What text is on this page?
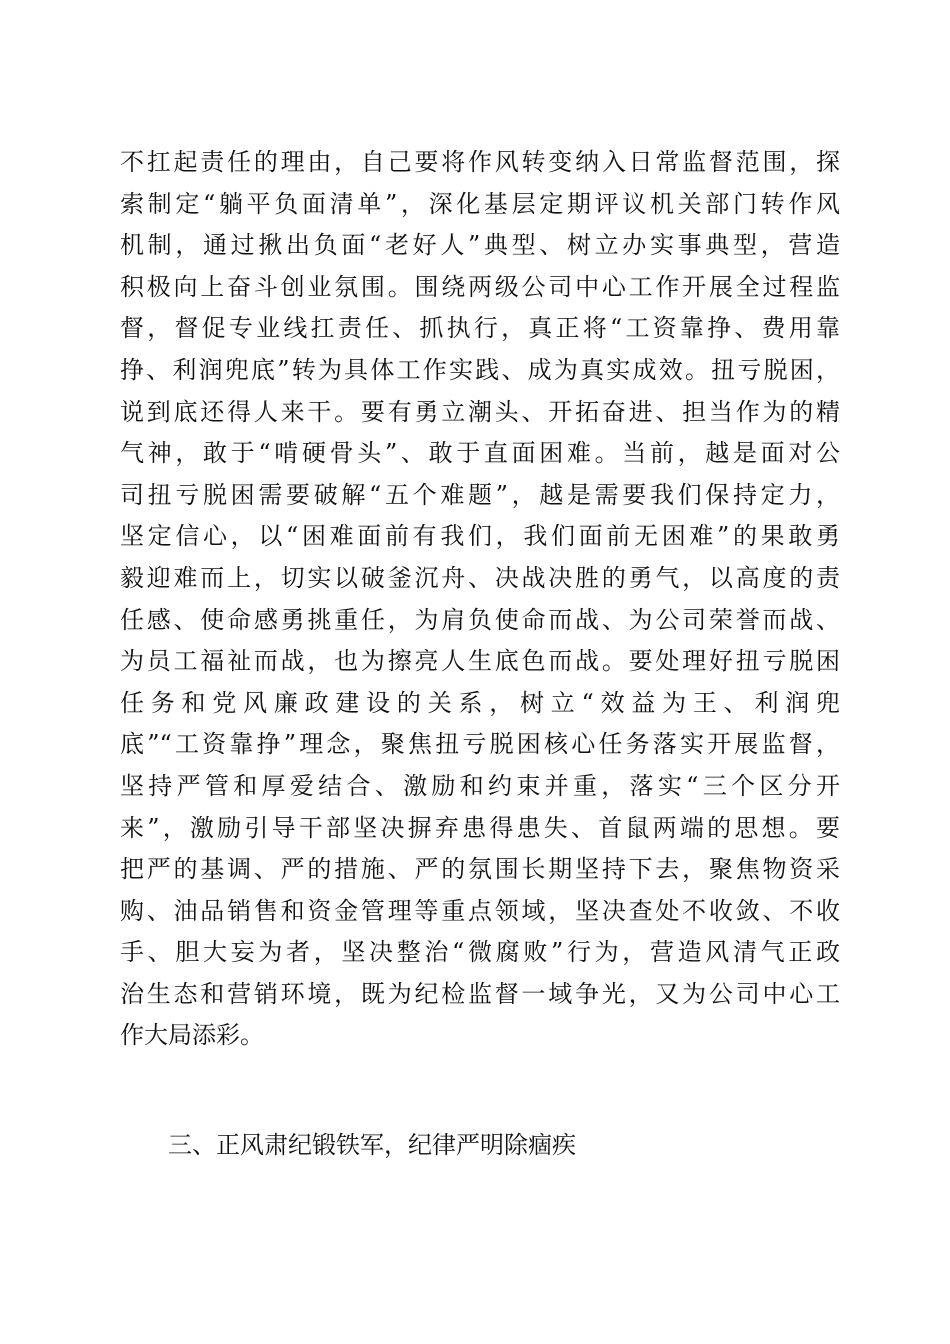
不扛起责任的理由，自己要将作风转变纳入日常监督范围，探
索制定“躺平负面清单”，深化基层定期评议机关部门转作风
机制，通过揪出负面“老好人”典型、树立办实事典型，营造
积极向上奋斗创业氛围。围绕两级公司中心工作开展全过程监
督，督促专业线扛责任、抓执行，真正将“工资靠挣、费用靠
挣、利润兜底”转为具体工作实践、成为真实成效。扭亏脱困，
说到底还得人来干。要有勇立潮头、开拓奋进、担当作为的精
气神，敢于“啃硬骨头”、敢于直面困难。当前，越是面对公
司扭亏脱困需要破解“五个难题”，越是需要我们保持定力，
坚定信心，以“困难面前有我们，我们面前无困难”的果敢勇
毅迎难而上，切实以破釜沉舟、决战决胜的勇气，以高度的责
任感、使命感勇挑重任，为肩负使命而战、为公司荣誉而战、
为员工福祉而战，也为擦亮人生底色而战。要处理好扭亏脱困
任务和党风廉政建设的关系，树立“效益为王、利润兜
底”“工资靠挣”理念，聚焦扭亏脱困核心任务落实开展监督，
坚持严管和厚爱结合、激励和约束并重，落实“三个区分开
来”，激励引导干部坚决摒弃患得患失、首鼠两端的思想。要
把严的基调、严的措施、严的氛围长期坚持下去，聚焦物资采
购、油品销售和资金管理等重点领域，坚决查处不收敛、不收
手、胆大妄为者，坚决整治“微腐败”行为，营造风清气正政
治生态和营销环境，既为纪检监督一域争光，又为公司中心工
作大局添彩。
三、正风肃纪锻铁军，纪律严明除痼疾
